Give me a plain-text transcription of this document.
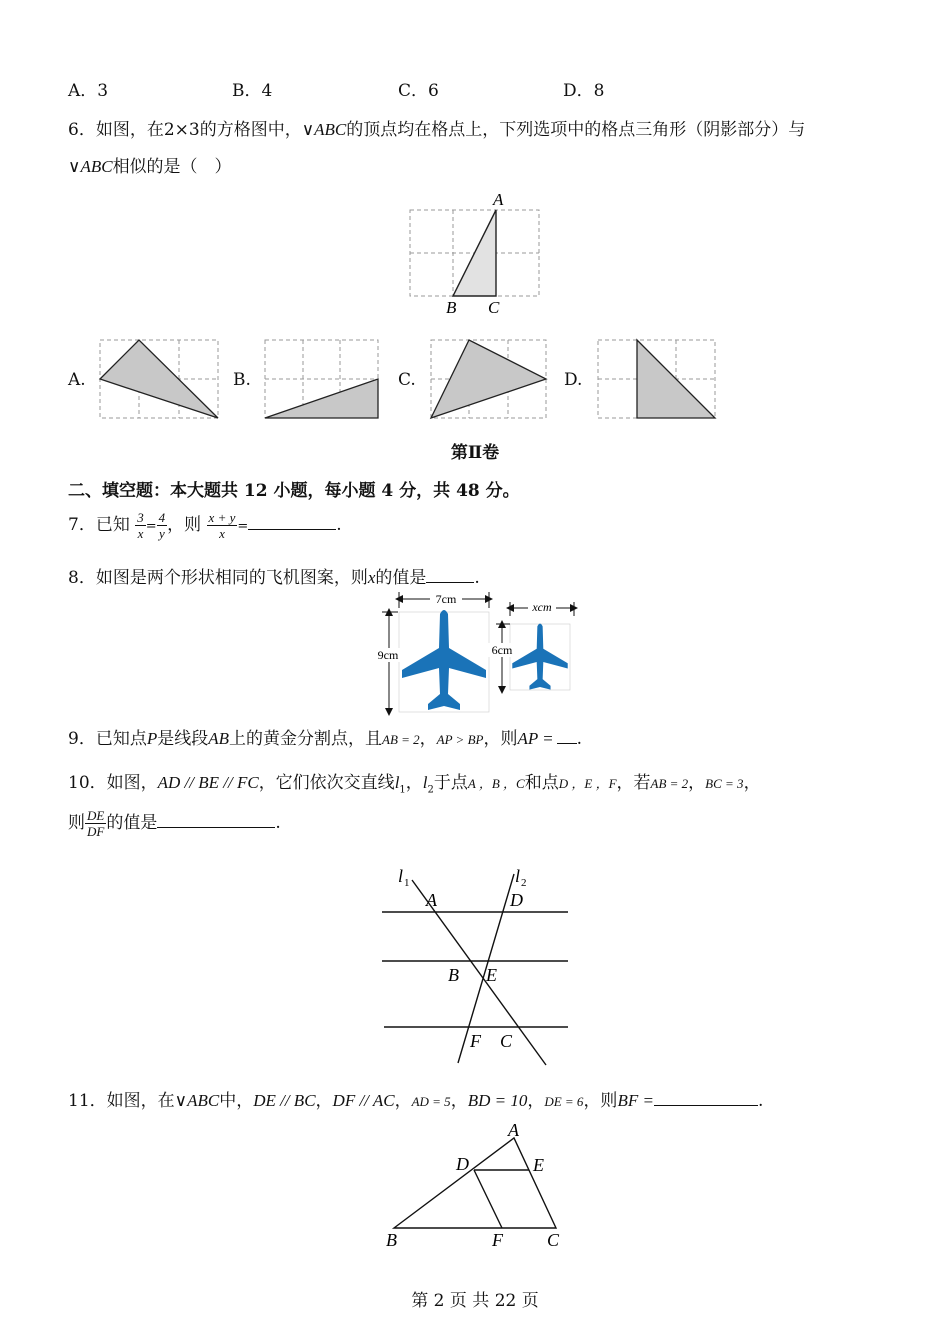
A．3	B．4	C．6	D．8
6．如图，在2×3的方格图中，∨ABC的顶点均在格点上，下列选项中的格点三角形（阴影部分）与
∨ABC相似的是（　）
A
B C
A.	B.	C.	D.
第Ⅱ卷
二、填空题：本大题共 12 小题，每小题 4 分，共 48 分。
7．已知 $\frac{3}{x} = \frac{4}{y}$ ，则 $\frac{x + y}{x}$ =	.
8．如图是两个形状相同的飞机图案，则x的值是	.
7cm
9cm
xcm
6cm
9．已知点P是线段AB上的黄金分割点，且AB = 2，AP > BP，则AP = .
10．如图，AD // BE // FC，它们依次交直线$l_1$，$l_2$于点A ，B ，C和点D ，E ，F，若AB = 2，BC = 3，
则 $\frac{DE}{DF}$ 的值是	.
l 1	l 2
A	D
B E
F C
11．如图，在∨ABC中，DE // BC，DF // AC，AD = 5，BD = 10，DE = 6，则BF =	.
A
D	E
B	F C
第 2 页 共 22 页
